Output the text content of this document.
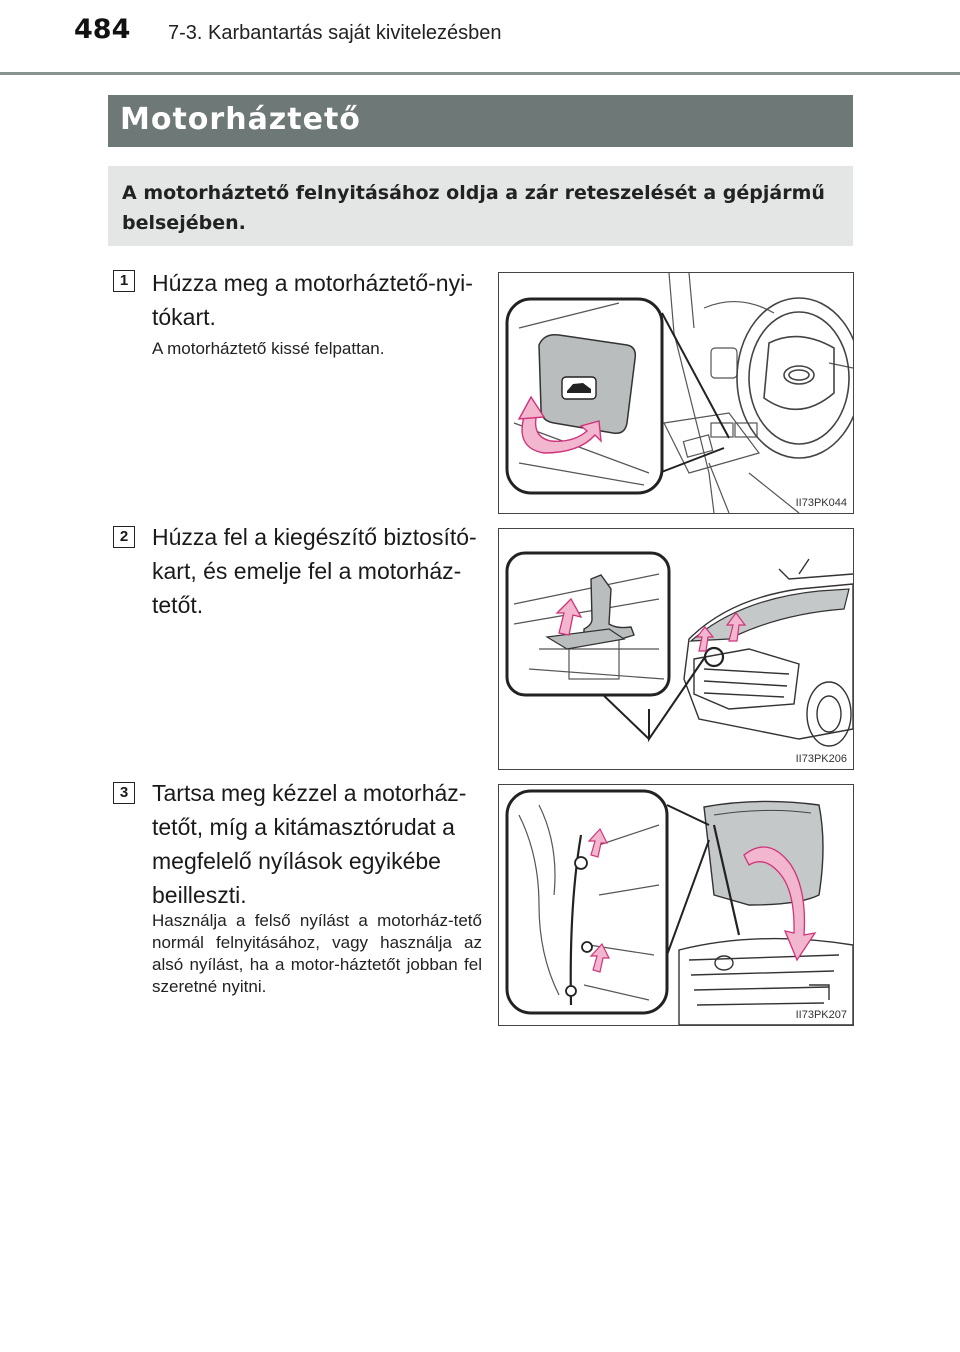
484 7-3. Karbantartás saját kivitelezésben
Motorháztető
A motorháztető felnyitásához oldja a zár reteszelését a gépjármű belsejében.
1 Húzza meg a motorháztető-nyi-tókart.
A motorháztető kissé felpattan.
II73PK044
2 Húzza fel a kiegészítő biztosító-kart, és emelje fel a motorház-tetőt.
II73PK206
3 Tartsa meg kézzel a motorház-tetőt, míg a kitámasztórudat a megfelelő nyílások egyikébe beilleszti.
Használja a felső nyílást a motorház-tető normál felnyitásához, vagy használja az alsó nyílást, ha a motor-háztetőt jobban fel szeretné nyitni.
II73PK207
